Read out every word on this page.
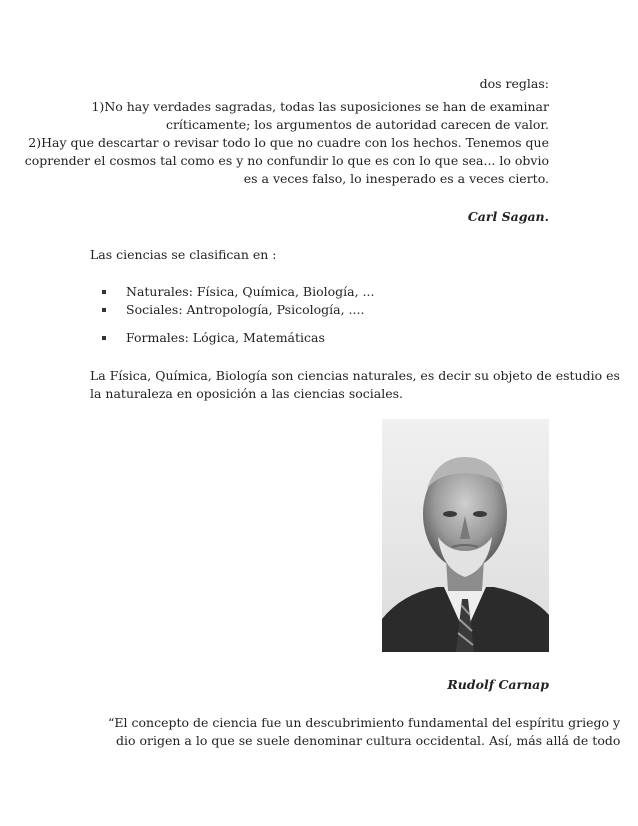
dos reglas:
1)No hay verdades sagradas, todas las suposiciones se han de examinar
críticamente; los argumentos de autoridad carecen de valor.
2)Hay que descartar o revisar todo lo que no cuadre con los hechos. Tenemos que
coprender el cosmos tal como es y no confundir lo que es con lo que sea... lo obvio
es a veces falso, lo inesperado es a veces cierto.
Carl Sagan.
Las ciencias se clasifican en :
Naturales: Física, Química, Biología, ...
Sociales: Antropología, Psicología, ....
Formales: Lógica, Matemáticas
La Física, Química, Biología son ciencias naturales, es decir su objeto de estudio es
la naturaleza en oposición a las ciencias sociales.
Rudolf Carnap
“El concepto de ciencia fue un descubrimiento fundamental del espíritu griego y
dio origen a lo que se suele denominar cultura occidental. Así, más allá de todo
